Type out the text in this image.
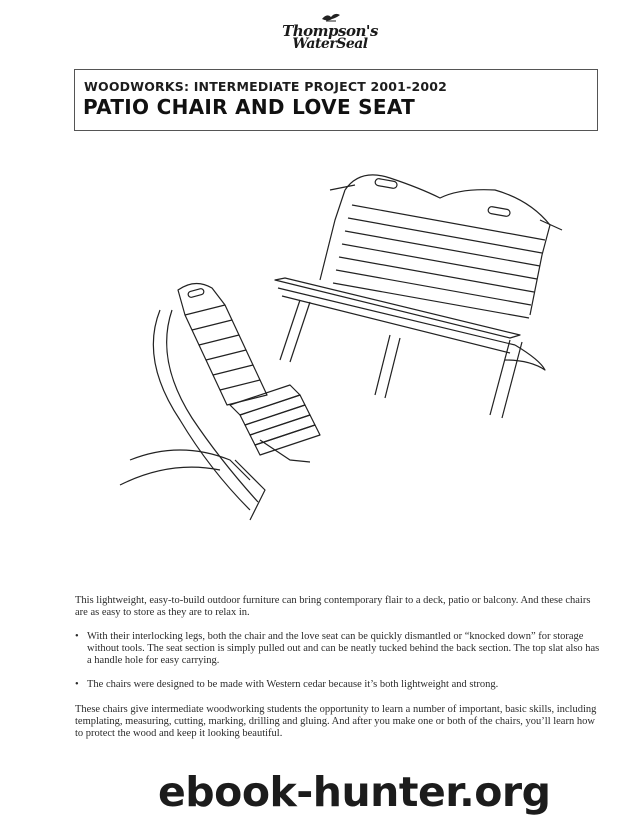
Thompson's
WaterSeal
WOODWORKS: INTERMEDIATE PROJECT 2001-2002
PATIO CHAIR AND LOVE SEAT
This lightweight, easy-to-build outdoor furniture can bring contemporary flair to a deck, patio or balcony. And these chairs are as easy to store as they are to relax in.
• With their interlocking legs, both the chair and the love seat can be quickly dismantled or “knocked down” for storage without tools. The seat section is simply pulled out and can be neatly tucked behind the back section. The top slat also has a handle hole for easy carrying.
• The chairs were designed to be made with Western cedar because it’s both lightweight and strong.
These chairs give intermediate woodworking students the opportunity to learn a number of important, basic skills, including templating, measuring, cutting, marking, drilling and gluing. And after you make one or both of the chairs, you’ll learn how to protect the wood and keep it looking beautiful.
ebook-hunter.org
